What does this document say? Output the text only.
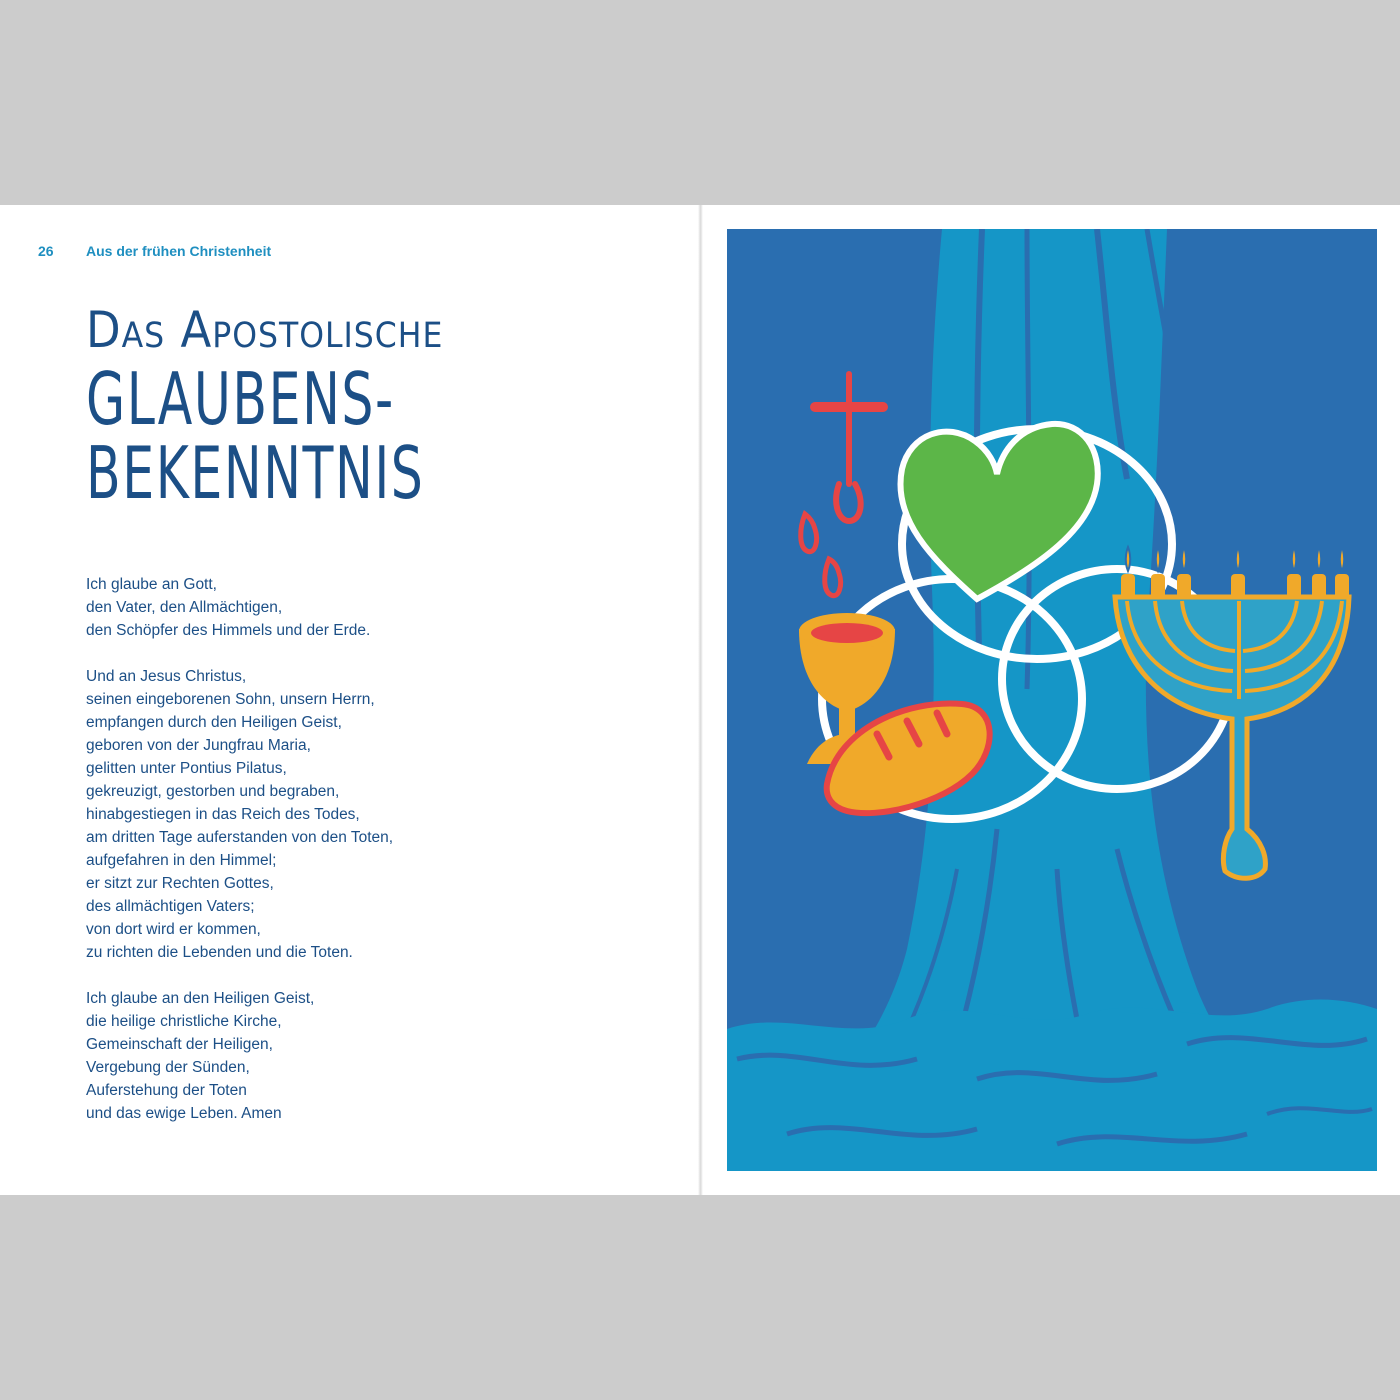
26 Aus der frühen Christenheit
Das Apostolische
GLAUBENS-
BEKENNTNIS
Ich glaube an Gott,
den Vater, den Allmächtigen,
den Schöpfer des Himmels und der Erde.
Und an Jesus Christus,
seinen eingeborenen Sohn, unsern Herrn,
empfangen durch den Heiligen Geist,
geboren von der Jungfrau Maria,
gelitten unter Pontius Pilatus,
gekreuzigt, gestorben und begraben,
hinabgestiegen in das Reich des Todes,
am dritten Tage auferstanden von den Toten,
aufgefahren in den Himmel;
er sitzt zur Rechten Gottes,
des allmächtigen Vaters;
von dort wird er kommen,
zu richten die Lebenden und die Toten.
Ich glaube an den Heiligen Geist,
die heilige christliche Kirche,
Gemeinschaft der Heiligen,
Vergebung der Sünden,
Auferstehung der Toten
und das ewige Leben. Amen
